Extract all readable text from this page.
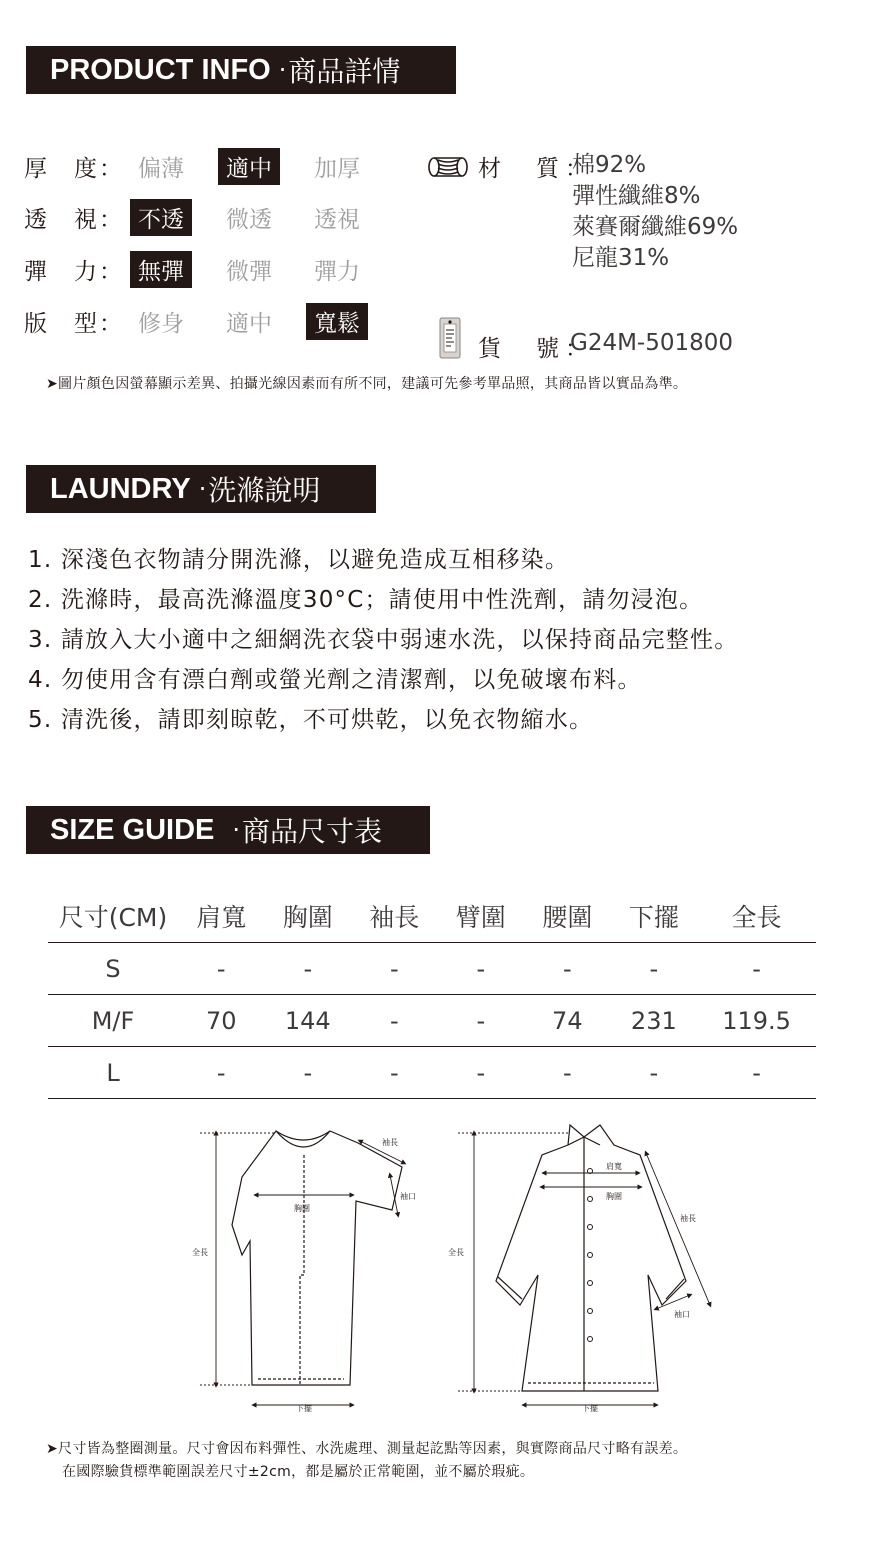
PRODUCT INFO · 商品詳情
厚　度： 偏薄	適中	加厚
透　視： 不透	微透	透視
彈　力： 無彈	微彈	彈力
版　型： 修身	適中	寬鬆
材　質：
棉92%
彈性纖維8%
萊賽爾纖維69%
尼龍31%
貨　號：
G24M-501800
➤圖片顏色因螢幕顯示差異、拍攝光線因素而有所不同，建議可先參考單品照，其商品皆以實品為準。
LAUNDRY · 洗滌說明
1. 深淺色衣物請分開洗滌，以避免造成互相移染。
2. 洗滌時，最高洗滌溫度30°C；請使用中性洗劑，請勿浸泡。
3. 請放入大小適中之細網洗衣袋中弱速水洗，以保持商品完整性。
4. 勿使用含有漂白劑或螢光劑之清潔劑，以免破壞布料。
5. 清洗後，請即刻晾乾，不可烘乾，以免衣物縮水。
SIZE GUIDE · 商品尺寸表
尺寸(CM)	肩寬	胸圍	袖長	臂圍	腰圍	下擺	全長
S	-	-	-	-	-	-	-
M/F	70	144	-	-	74	231	119.5
L	-	-	-	-	-	-	-
袖長
袖口
胸圍
全長
下擺
肩寬
胸圍
袖長
袖口
全長
下擺
➤尺寸皆為整圈測量。尺寸會因布料彈性、水洗處理、測量起訖點等因素，與實際商品尺寸略有誤差。
在國際驗貨標準範圍誤差尺寸±2cm，都是屬於正常範圍，並不屬於瑕疵。
